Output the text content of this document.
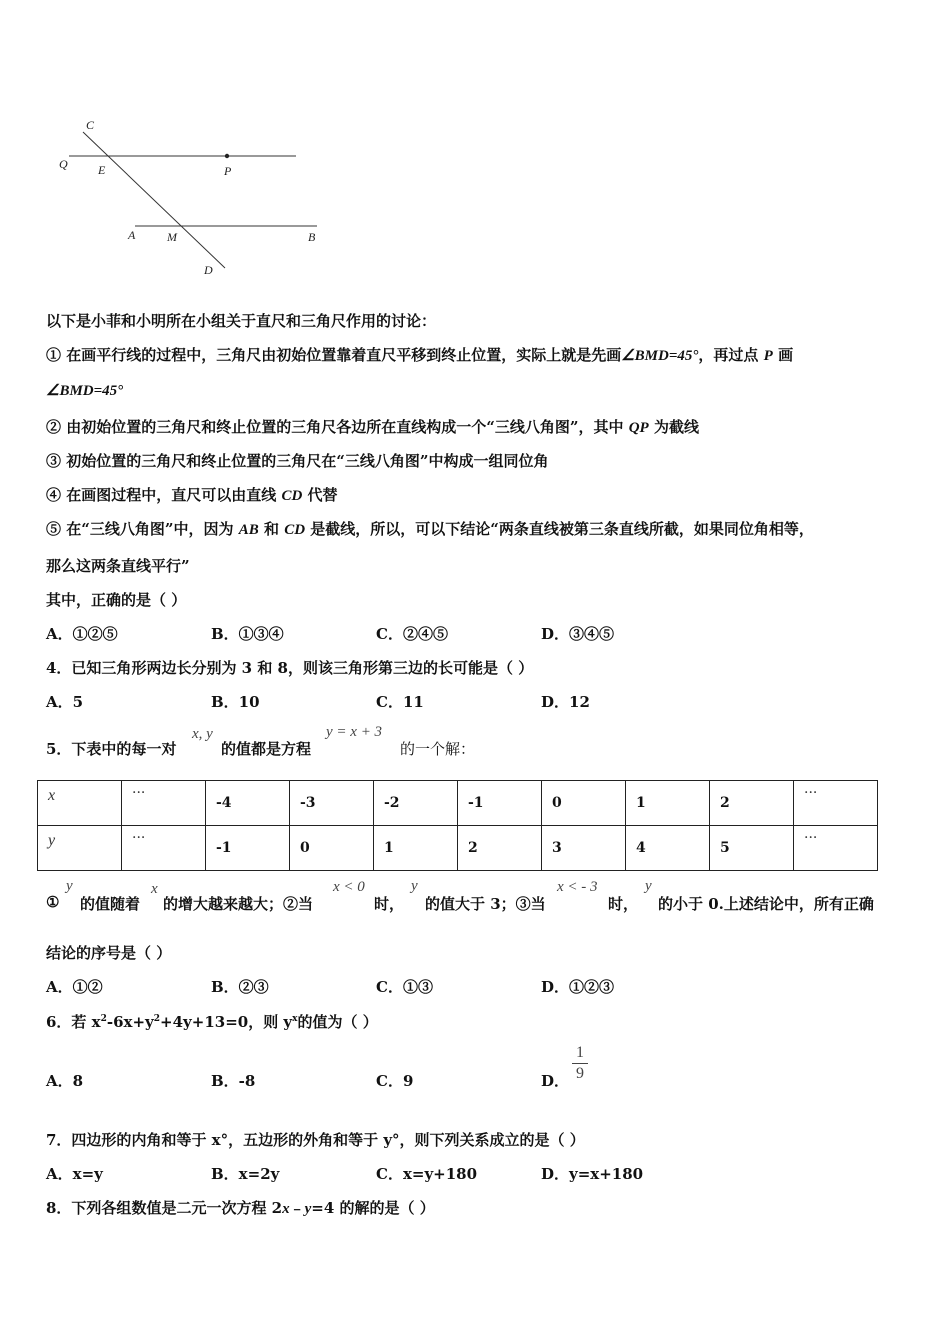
C
Q	E	P
A	M	B
D
以下是小菲和小明所在小组关于直尺和三角尺作用的讨论：
① 在画平行线的过程中，三角尺由初始位置靠着直尺平移到终止位置，实际上就是先画∠BMD=45°，再过点 P 画
∠BMD=45°
② 由初始位置的三角尺和终止位置的三角尺各边所在直线构成一个“三线八角图”，其中 QP 为截线
③ 初始位置的三角尺和终止位置的三角尺在“三线八角图”中构成一组同位角
④ 在画图过程中，直尺可以由直线 CD 代替
⑤ 在“三线八角图”中，因为 AB 和 CD 是截线，所以，可以下结论“两条直线被第三条直线所截，如果同位角相等，
那么这两条直线平行”
其中，正确的是（ ）
A．①②⑤	B．①③④	C．②④⑤	D．③④⑤
4．已知三角形两边长分别为 3 和 8，则该三角形第三边的长可能是（ ）
A．5	B．10	C．11	D．12
5．下表中的每一对
x, y
的值都是方程
y = x + 3
的一个解：
x	···	-4	-3	-2	-1	0	1	2	···
y	···	-1	0	1	2	3	4	5	···
①
y
的值随着
x
的增大越来越大；②当
x < 0
时，
y
的值大于 3；③当
x < - 3
时，
y
的小于 0.上述结论中，所有正确
结论的序号是（ ）
A．①②	B．②③	C．①③	D．①②③
6．若 $x^2-6x+y^2+4y+13=0$，则 $y^x$的值为（ ）
A．8	B．-8	C．9	D．
1
9
7．四边形的内角和等于 x°，五边形的外角和等于 y°，则下列关系成立的是（ ）
A．x=y	B．x=2y	C．x=y+180	D．y=x+180
8．下列各组数值是二元一次方程 2x﹣y=4 的解的是（ ）
